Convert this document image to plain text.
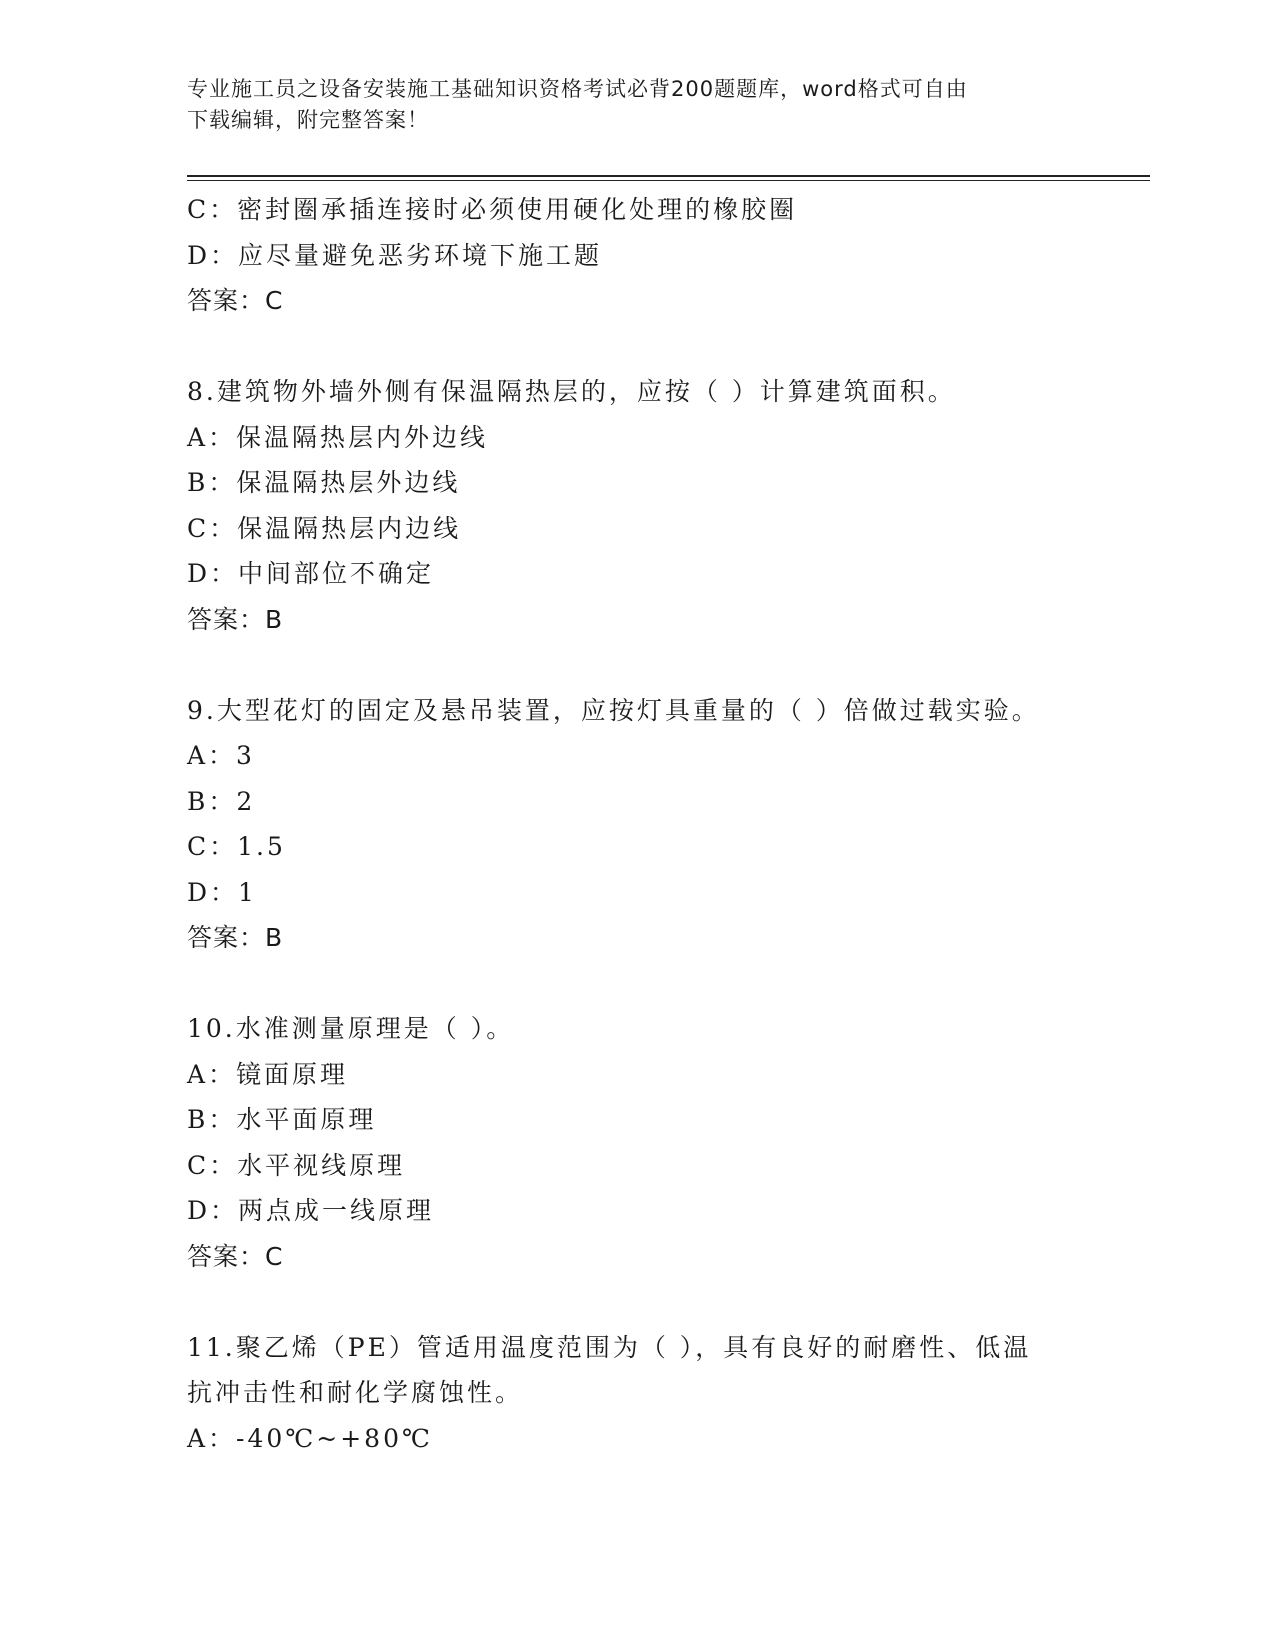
专业施工员之设备安装施工基础知识资格考试必背200题题库，word格式可自由
下载编辑，附完整答案！
C：密封圈承插连接时必须使用硬化处理的橡胶圈
D：应尽量避免恶劣环境下施工题
答案：C
8.建筑物外墙外侧有保温隔热层的，应按（ ）计算建筑面积。
A：保温隔热层内外边线
B：保温隔热层外边线
C：保温隔热层内边线
D：中间部位不确定
答案：B
9.大型花灯的固定及悬吊装置，应按灯具重量的（ ）倍做过载实验。
A：3
B：2
C：1.5
D：1
答案：B
10.水准测量原理是（ ）。
A：镜面原理
B：水平面原理
C：水平视线原理
D：两点成一线原理
答案：C
11.聚乙烯（PE）管适用温度范围为（ ），具有良好的耐磨性、低温
抗冲击性和耐化学腐蚀性。
A：-40℃~+80℃
